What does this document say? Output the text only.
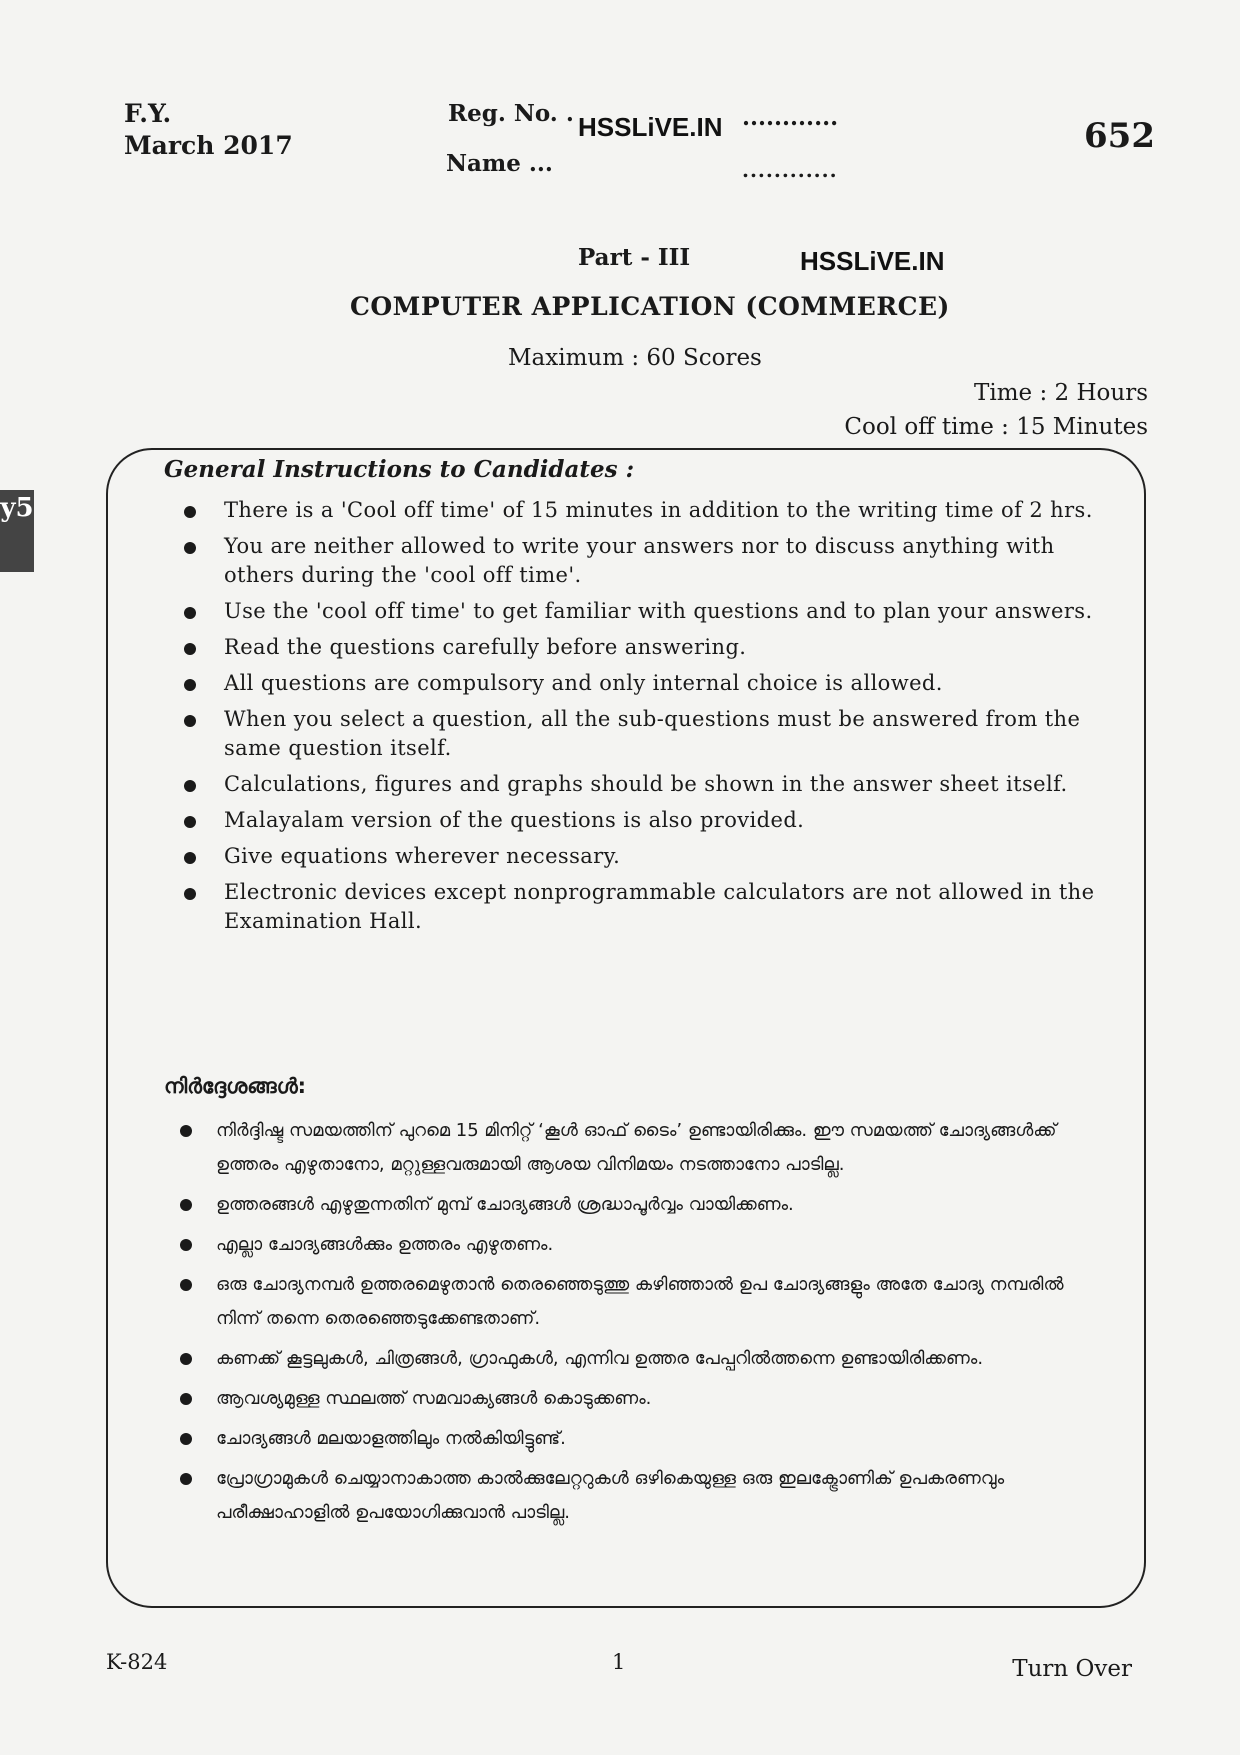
y5
F.Y.
March 2017
Reg. No. . HSSLiVE.IN ............
Name ...	............
652
Part - III	HSSLiVE.IN
COMPUTER APPLICATION (COMMERCE)
Maximum : 60 Scores
Time : 2 Hours
Cool off time : 15 Minutes
General Instructions to Candidates :
There is a 'Cool off time' of 15 minutes in addition to the writing time of 2 hrs.
You are neither allowed to write your answers nor to discuss anything with others during the 'cool off time'.
Use the 'cool off time' to get familiar with questions and to plan your answers.
Read the questions carefully before answering.
All questions are compulsory and only internal choice is allowed.
When you select a question, all the sub-questions must be answered from the same question itself.
Calculations, figures and graphs should be shown in the answer sheet itself.
Malayalam version of the questions is also provided.
Give equations wherever necessary.
Electronic devices except nonprogrammable calculators are not allowed in the Examination Hall.
നിർദ്ദേശങ്ങൾ:
നിർദ്ദിഷ്ട സമയത്തിന് പുറമെ 15 മിനിറ്റ് ‘കൂൾ ഓഫ് ടൈം’ ഉണ്ടായിരിക്കും. ഈ സമയത്ത് ചോദ്യങ്ങൾക്ക് ഉത്തരം എഴുതാനോ, മറ്റുള്ളവരുമായി ആശയ വിനിമയം നടത്താനോ പാടില്ല.
ഉത്തരങ്ങൾ എഴുതുന്നതിന് മുമ്പ് ചോദ്യങ്ങൾ ശ്രദ്ധാപൂർവ്വം വായിക്കണം.
എല്ലാ ചോദ്യങ്ങൾക്കും ഉത്തരം എഴുതണം.
ഒരു ചോദ്യനമ്പർ ഉത്തരമെഴുതാൻ തെരഞ്ഞെടുത്തു കഴിഞ്ഞാൽ ഉപ ചോദ്യങ്ങളും അതേ ചോദ്യ നമ്പരിൽ നിന്ന് തന്നെ തെരഞ്ഞെടുക്കേണ്ടതാണ്.
കണക്ക് കൂട്ടലുകൾ, ചിത്രങ്ങൾ, ഗ്രാഫുകൾ, എന്നിവ ഉത്തര പേപ്പറിൽത്തന്നെ ഉണ്ടായിരിക്കണം.
ആവശ്യമുള്ള സ്ഥലത്ത് സമവാക്യങ്ങൾ കൊടുക്കണം.
ചോദ്യങ്ങൾ മലയാളത്തിലും നൽകിയിട്ടുണ്ട്.
പ്രോഗ്രാമുകൾ ചെയ്യാനാകാത്ത കാൽക്കുലേറ്ററുകൾ ഒഴികെയുള്ള ഒരു ഇലക്ട്രോണിക് ഉപകരണവും പരീക്ഷാഹാളിൽ ഉപയോഗിക്കുവാൻ പാടില്ല.
K-824	1	Turn Over
